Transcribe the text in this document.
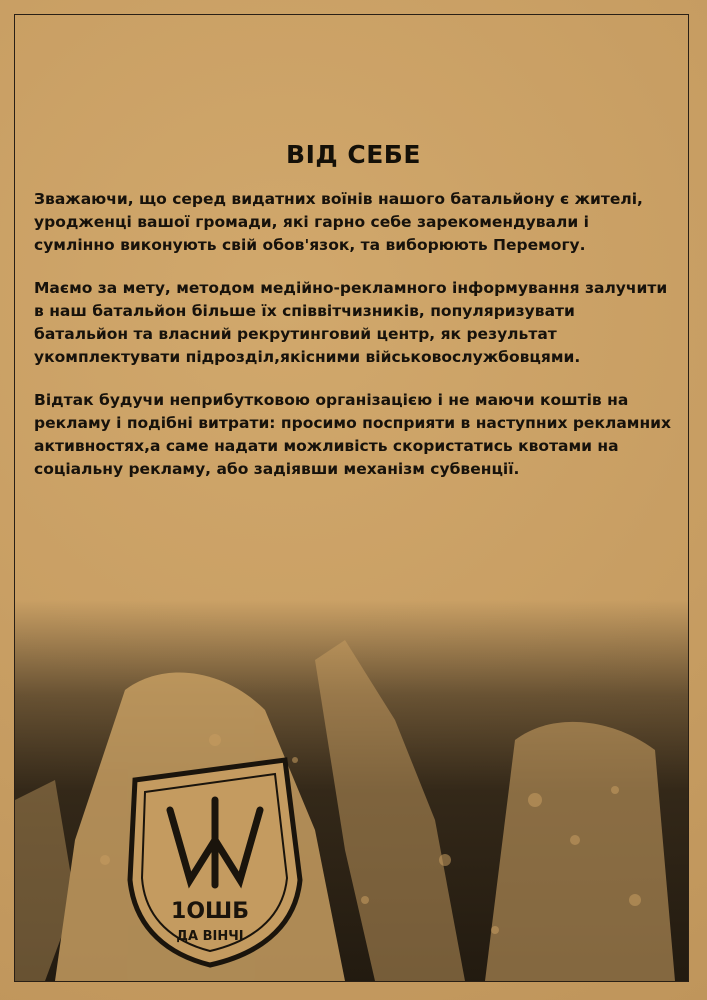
ВІД СЕБЕ

Зважаючи, що серед видатних воїнів нашого батальйону є жителі, уродженці вашої громади, які гарно себе зарекомендували і сумлінно виконують свій обов'язок, та виборюють Перемогу.

Маємо за мету, методом медійно-рекламного інформування залучити в наш батальйон більше їх співвітчизників, популяризувати батальйон та власний рекрутинговий центр, як результат укомплектувати підрозділ,якісними військовослужбовцями.

Відтак будучи неприбутковою організацією і не маючи коштів на рекламу і подібні витрати: просимо посприяти в наступних рекламних активностях,а саме надати можливість скористатись квотами на соціальну рекламу, або задіявши механізм субвенції.

1ОШБ
ДА ВІНЧІ
